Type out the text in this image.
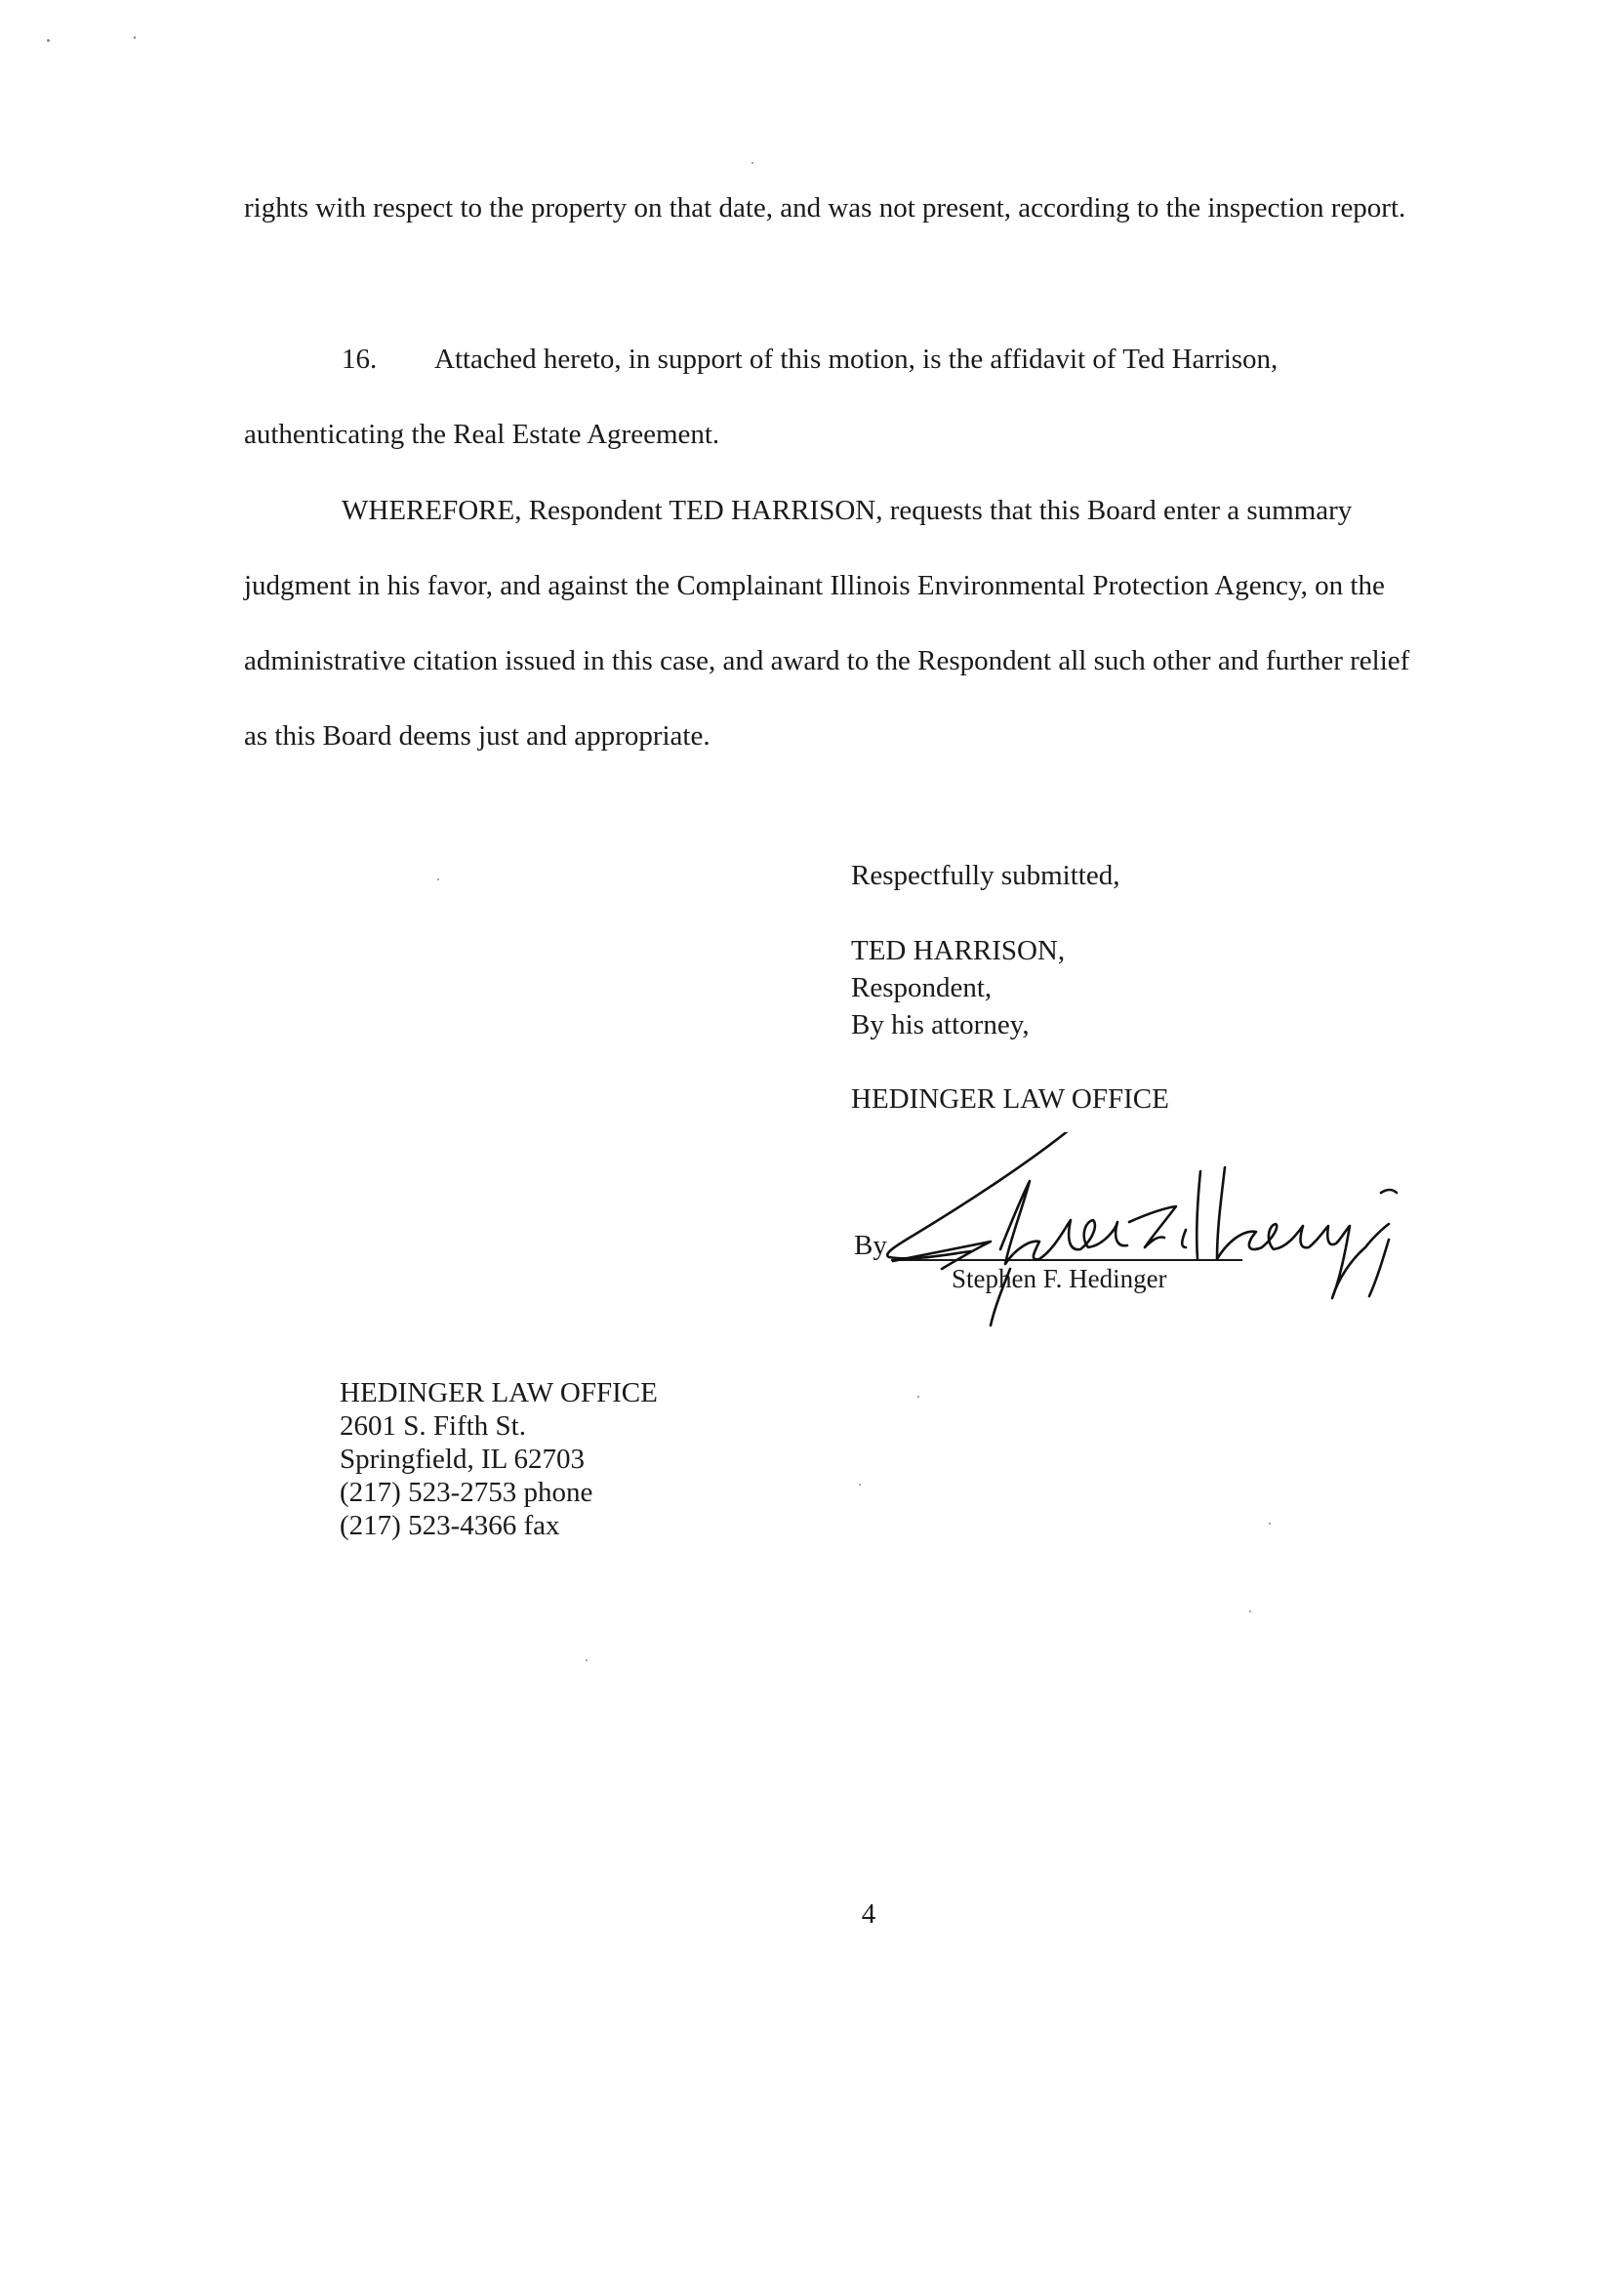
rights with respect to the property on that date, and was not present, according to the inspection report.

16. Attached hereto, in support of this motion, is the affidavit of Ted Harrison, authenticating the Real Estate Agreement.

WHEREFORE, Respondent TED HARRISON, requests that this Board enter a summary judgment in his favor, and against the Complainant Illinois Environmental Protection Agency, on the administrative citation issued in this case, and award to the Respondent all such other and further relief as this Board deems just and appropriate.

Respectfully submitted,
TED HARRISON,
Respondent,
By his attorney,
HEDINGER LAW OFFICE
By
Stephen F. Hedinger
HEDINGER LAW OFFICE
2601 S. Fifth St.
Springfield, IL 62703
(217) 523-2753 phone
(217) 523-4366 fax
4
